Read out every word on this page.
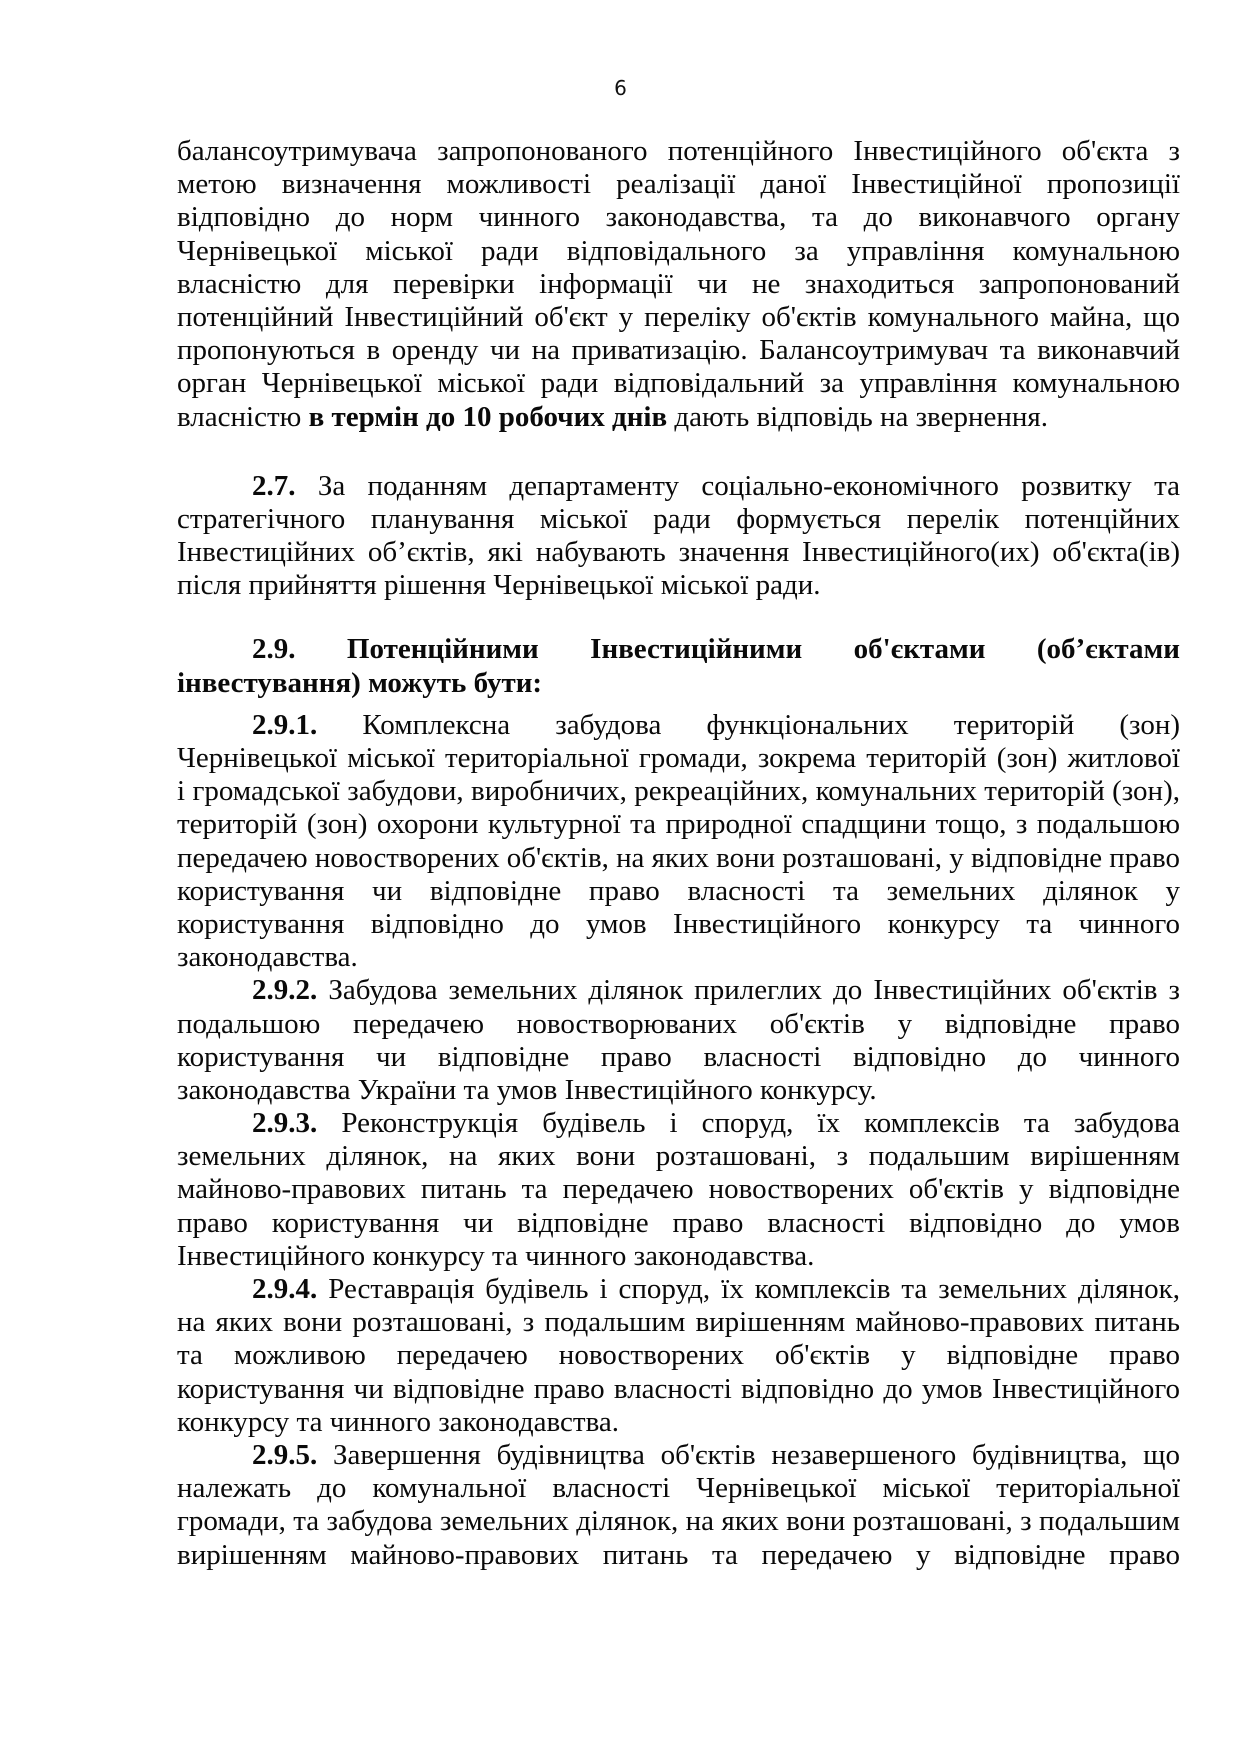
6
балансоутримувача запропонованого потенційного Інвестиційного об'єкта з
метою визначення можливості реалізації даної Інвестиційної пропозиції
відповідно до норм чинного законодавства, та до виконавчого органу
Чернівецької міської ради відповідального за управління комунальною
власністю для перевірки інформації чи не знаходиться запропонований
потенційний Інвестиційний об'єкт у переліку об'єктів комунального майна, що
пропонуються в оренду чи на приватизацію. Балансоутримувач та виконавчий
орган Чернівецької міської ради відповідальний за управління комунальною
власністю в термін до 10 робочих днів дають відповідь на звернення.
2.7. За поданням департаменту соціально-економічного розвитку та
стратегічного планування міської ради формується перелік потенційних
Інвестиційних об’єктів, які набувають значення Інвестиційного(их) об'єкта(ів)
після прийняття рішення Чернівецької міської ради.
2.9. Потенційними Інвестиційними об'єктами (об’єктами
інвестування) можуть бути:
2.9.1. Комплексна забудова функціональних територій (зон)
Чернівецької міської територіальної громади, зокрема територій (зон) житлової
і громадської забудови, виробничих, рекреаційних, комунальних територій (зон),
територій (зон) охорони культурної та природної спадщини тощо, з подальшою
передачею новостворених об'єктів, на яких вони розташовані, у відповідне право
користування чи відповідне право власності та земельних ділянок у
користування відповідно до умов Інвестиційного конкурсу та чинного
законодавства.
2.9.2. Забудова земельних ділянок прилеглих до Інвестиційних об'єктів з
подальшою передачею новостворюваних об'єктів у відповідне право
користування чи відповідне право власності відповідно до чинного
законодавства України та умов Інвестиційного конкурсу.
2.9.3. Реконструкція будівель і споруд, їх комплексів та забудова
земельних ділянок, на яких вони розташовані, з подальшим вирішенням
майново-правових питань та передачею новостворених об'єктів у відповідне
право користування чи відповідне право власності відповідно до умов
Інвестиційного конкурсу та чинного законодавства.
2.9.4. Реставрація будівель і споруд, їх комплексів та земельних ділянок,
на яких вони розташовані, з подальшим вирішенням майново-правових питань
та можливою передачею новостворених об'єктів у відповідне право
користування чи відповідне право власності відповідно до умов Інвестиційного
конкурсу та чинного законодавства.
2.9.5. Завершення будівництва об'єктів незавершеного будівництва, що
належать до комунальної власності Чернівецької міської територіальної
громади, та забудова земельних ділянок, на яких вони розташовані, з подальшим
вирішенням майново-правових питань та передачею у відповідне право
